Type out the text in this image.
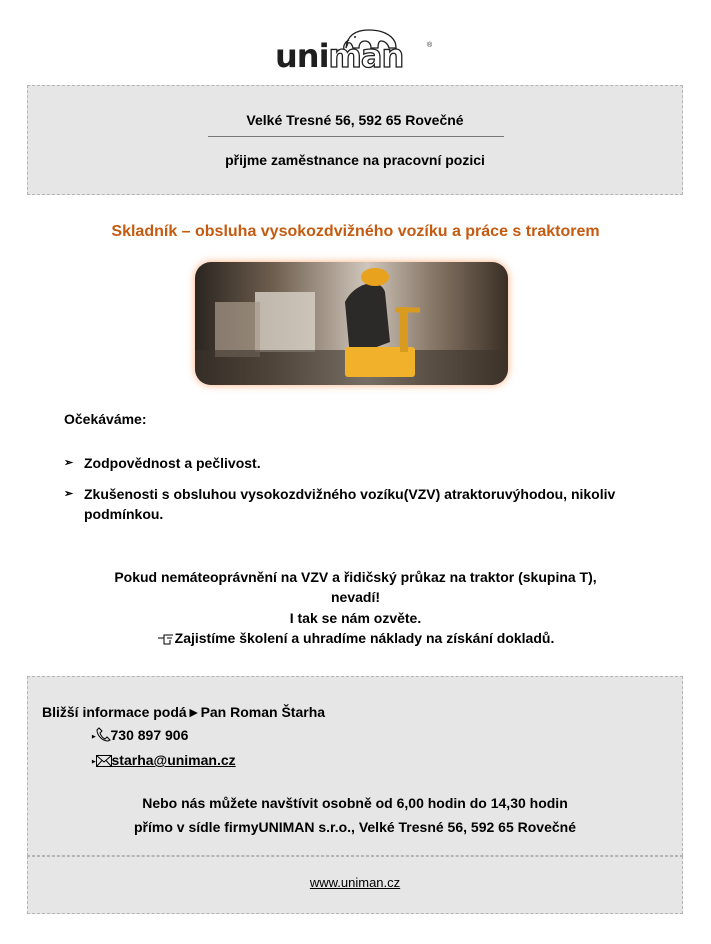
uniman	®
Velké Tresné 56, 592 65 Rovečné
přijme zaměstnance na pracovní pozici
Skladník – obsluha vysokozdvižného vozíku a práce s traktorem
Očekáváme:
➢ Zodpovědnost a pečlivost.
➢ Zkušenosti s obsluhou vysokozdvižného vozíku(VZV) atraktoruvýhodou, nikoliv podmínkou.
Pokud nemáteoprávnění na VZV a řidičský průkaz na traktor (skupina T),
nevadí!
I tak se nám ozvěte.
Zajistíme školení a uhradíme náklady na získání dokladů.
Bližší informace podá►Pan Roman Štarha
▸ 730 897 906
▸ starha@uniman.cz
Nebo nás můžete navštívit osobně od 6,00 hodin do 14,30 hodin
přímo v sídle firmyUNIMAN s.r.o., Velké Tresné 56, 592 65 Rovečné
www.uniman.cz
